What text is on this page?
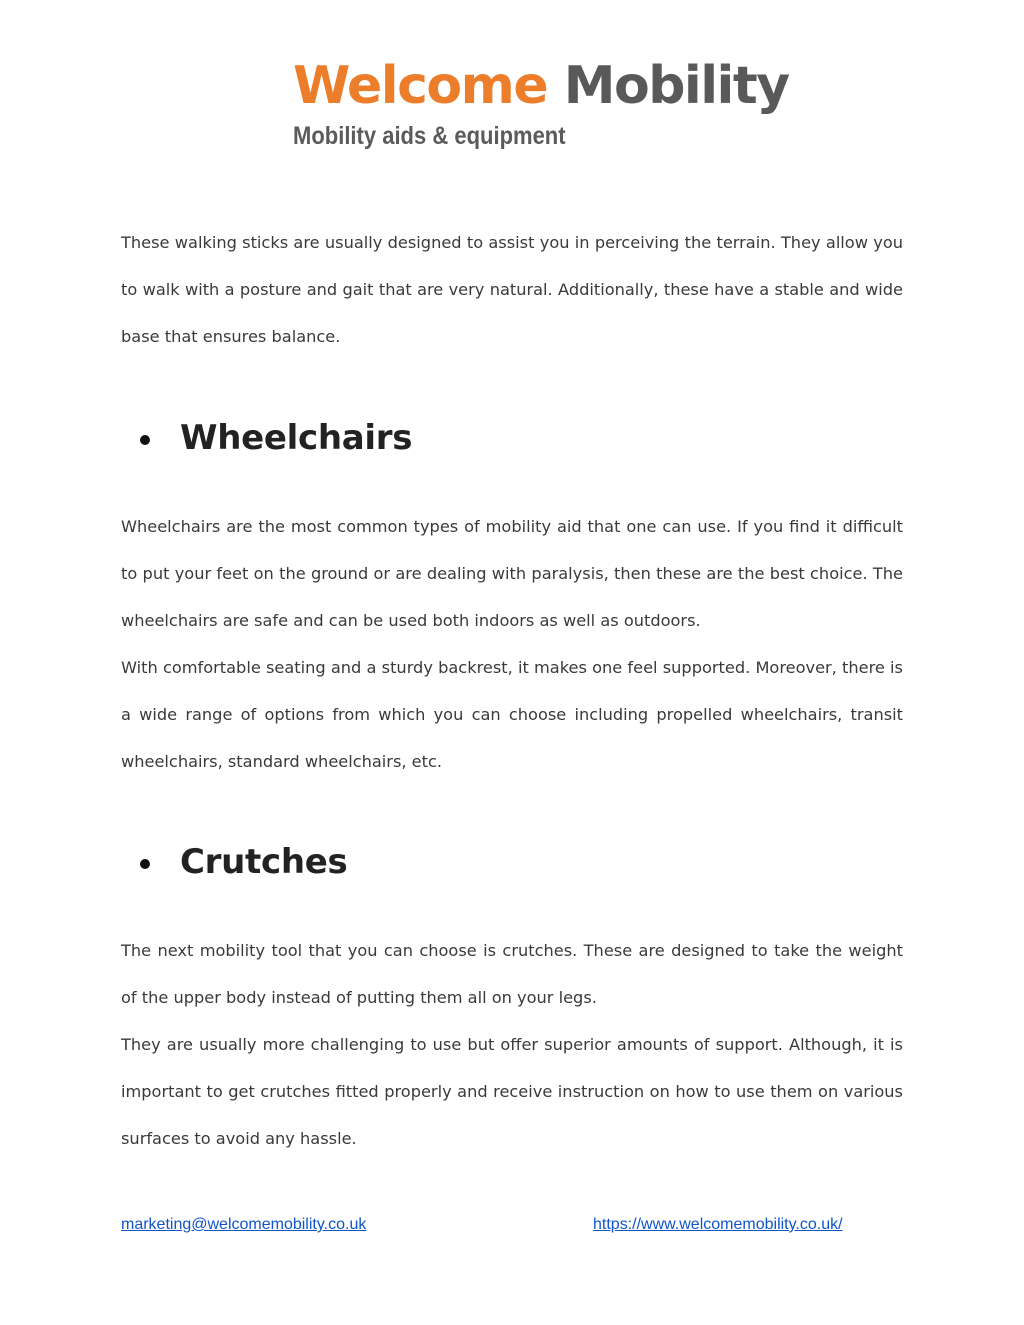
Welcome Mobility
Mobility aids & equipment

These walking sticks are usually designed to assist you in perceiving the terrain. They allow you to walk with a posture and gait that are very natural. Additionally, these have a stable and wide base that ensures balance.

Wheelchairs

Wheelchairs are the most common types of mobility aid that one can use. If you find it difficult to put your feet on the ground or are dealing with paralysis, then these are the best choice. The wheelchairs are safe and can be used both indoors as well as outdoors.

With comfortable seating and a sturdy backrest, it makes one feel supported. Moreover, there is a wide range of options from which you can choose including propelled wheelchairs, transit wheelchairs, standard wheelchairs, etc.

Crutches

The next mobility tool that you can choose is crutches. These are designed to take the weight of the upper body instead of putting them all on your legs.

They are usually more challenging to use but offer superior amounts of support. Although, it is important to get crutches fitted properly and receive instruction on how to use them on various surfaces to avoid any hassle.

marketing@welcomemobility.co.uk	https://www.welcomemobility.co.uk/
